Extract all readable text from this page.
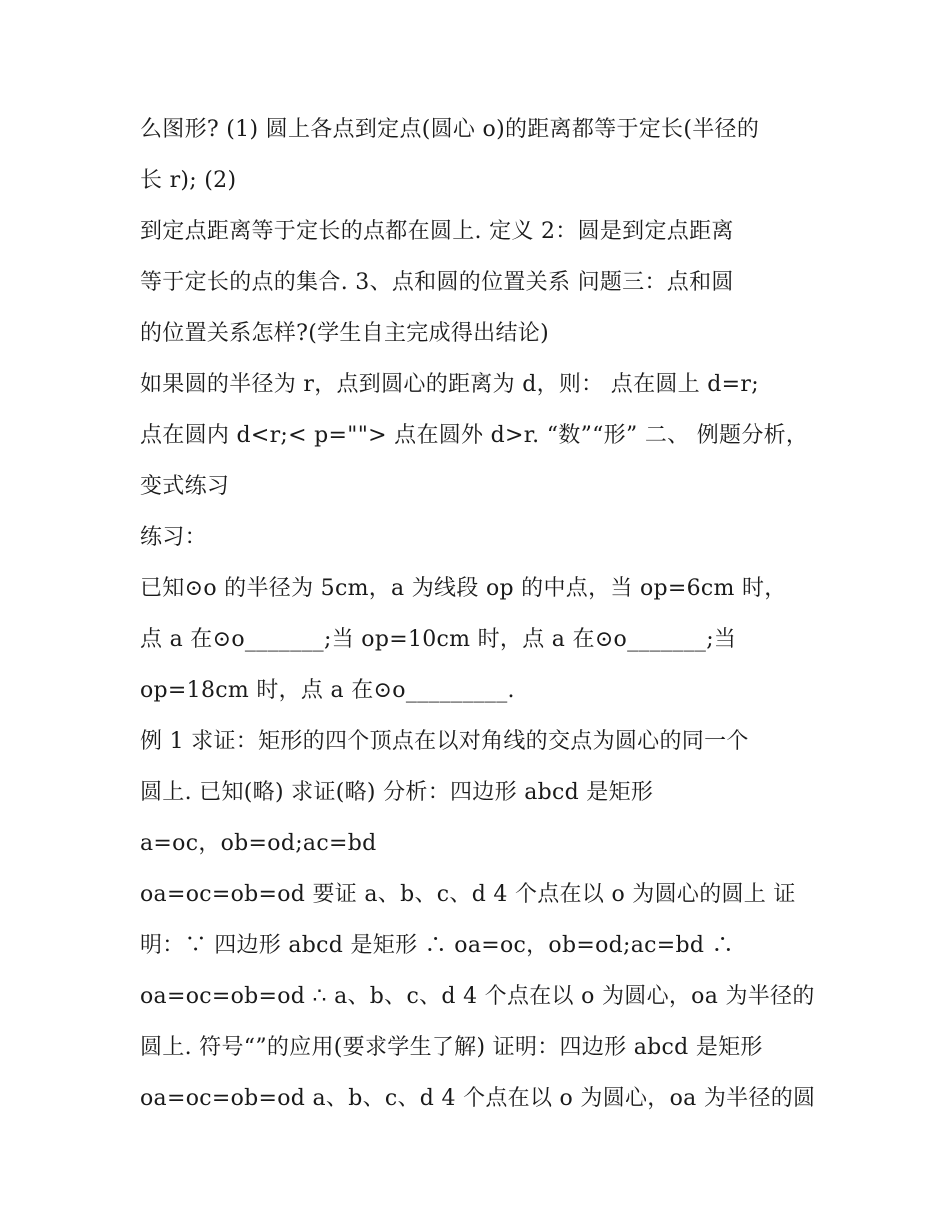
么图形? (1) 圆上各点到定点(圆心 o)的距离都等于定长(半径的
长 r); (2)
到定点距离等于定长的点都在圆上. 定义 2：圆是到定点距离
等于定长的点的集合. 3、点和圆的位置关系 问题三：点和圆
的位置关系怎样?(学生自主完成得出结论)
如果圆的半径为 r，点到圆心的距离为 d，则： 点在圆上 d=r;
点在圆内 d<r;< p=""> 点在圆外 d>r. “数”“形” 二、 例题分析，
变式练习
练习：
已知⊙o 的半径为 5cm，a 为线段 op 的中点，当 op=6cm 时，
点 a 在⊙o_______;当 op=10cm 时，点 a 在⊙o_______;当
op=18cm 时，点 a 在⊙o_________.
例 1 求证：矩形的四个顶点在以对角线的交点为圆心的同一个
圆上. 已知(略) 求证(略) 分析：四边形 abcd 是矩形
a=oc，ob=od;ac=bd
oa=oc=ob=od 要证 a、b、c、d 4 个点在以 o 为圆心的圆上 证
明：∵ 四边形 abcd 是矩形 ∴ oa=oc，ob=od;ac=bd ∴
oa=oc=ob=od ∴ a、b、c、d 4 个点在以 o 为圆心，oa 为半径的
圆上. 符号“”的应用(要求学生了解) 证明：四边形 abcd 是矩形
oa=oc=ob=od a、b、c、d 4 个点在以 o 为圆心，oa 为半径的圆
